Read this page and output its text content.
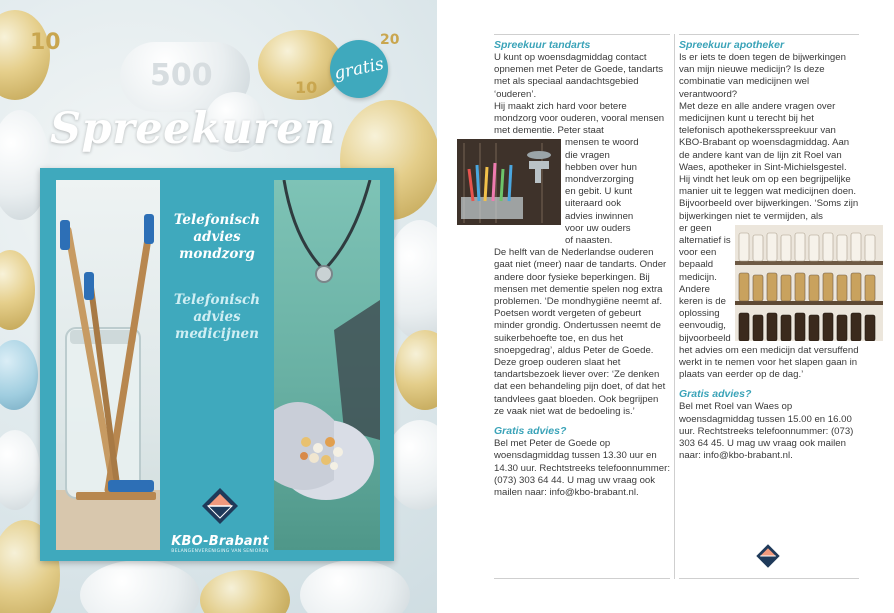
500
10
10
20
gratis
Spreekuren
Telefonisch
advies
mondzorg
Telefonisch
advies
medicijnen
KBO-Brabant
BELANGENVERENIGING VAN SENIOREN
Spreekuur tandarts

U kunt op woensdagmiddag contact opnemen met Peter de Goede, tandarts met als speciaal aandachtsgebied ‘ouderen’.

Hij maakt zich hard voor betere mondzorg voor ouderen, vooral mensen met dementie. Peter staat

mensen te woord
die vragen
hebben over hun
mondverzorging
en gebit. U kunt
uiteraard ook
advies inwinnen
voor uw ouders
of naasten.

De helft van de Nederlandse ouderen gaat niet (meer) naar de tandarts. Onder andere door fysieke beperkingen. Bij mensen met dementie spelen nog extra problemen. ‘De mondhygiëne neemt af. Poetsen wordt vergeten of gebeurt minder grondig. Ondertussen neemt de suikerbehoefte toe, en dus het snoepgedrag’, aldus Peter de Goede. Deze groep ouderen slaat het tandartsbezoek liever over: ‘Ze denken dat een behandeling pijn doet, of dat het tandvlees gaat bloeden. Ook begrijpen ze vaak niet wat de bedoeling is.’

Gratis advies?

Bel met Peter de Goede op woensdagmiddag tussen 13.30 uur en 14.30 uur. Rechtstreeks telefoonnummer: (073) 303 64 44. U mag uw vraag ook mailen naar: info@kbo-brabant.nl.

Spreekuur apotheker

Is er iets te doen tegen de bijwerkingen van mijn nieuwe medicijn? Is deze combinatie van medicijnen wel verantwoord?

Met deze en alle andere vragen over medicijnen kunt u terecht bij het telefonisch apothekersspreekuur van KBO-Brabant op woensdagmiddag. Aan de andere kant van de lijn zit Roel van Waes, apotheker in Sint-Michielsgestel. Hij vindt het leuk om op een begrijpelijke manier uit te leggen wat medicijnen doen. Bijvoorbeeld over bijwerkingen. ‘Soms zijn bijwerkingen niet te vermijden, als

er geen
alternatief is
voor een
bepaald
medicijn.
Andere
keren is de
oplossing
eenvoudig,
bijvoorbeeld

het advies om een medicijn dat versuffend werkt in te nemen voor het slapen gaan in plaats van eerder op de dag.’

Gratis advies?

Bel met Roel van Waes op woensdagmiddag tussen 15.00 en 16.00 uur. Rechtstreeks telefoonnummer: (073) 303 64 45. U mag uw vraag ook mailen naar: info@kbo-brabant.nl.
